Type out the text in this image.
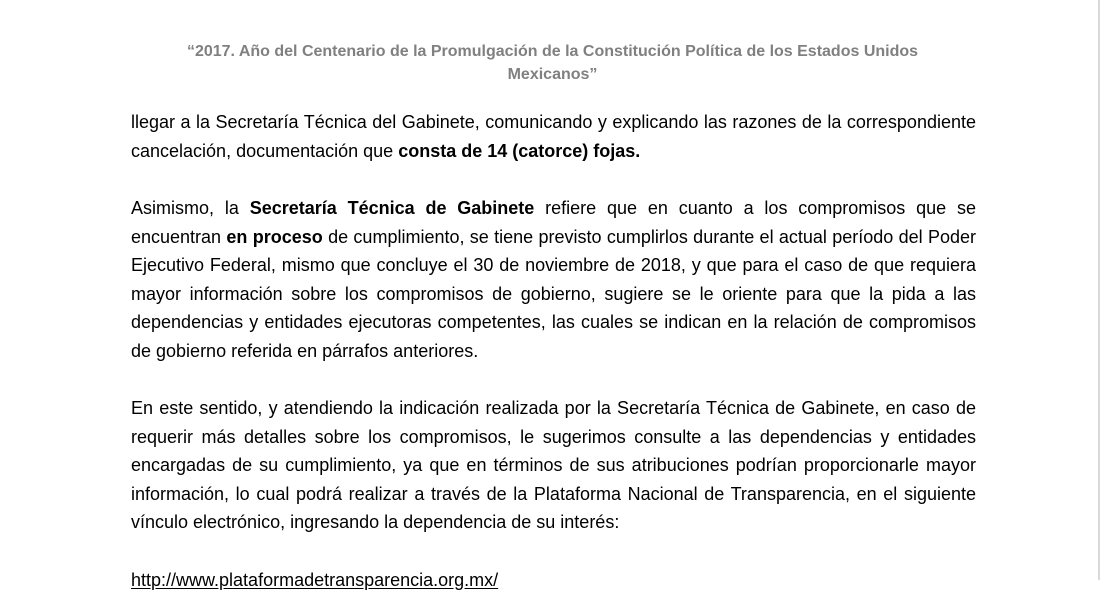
“2017. Año del Centenario de la Promulgación de la Constitución Política de los Estados Unidos
Mexicanos”

llegar a la Secretaría Técnica del Gabinete, comunicando y explicando las razones de la correspondiente cancelación, documentación que consta de 14 (catorce) fojas.

Asimismo, la Secretaría Técnica de Gabinete refiere que en cuanto a los compromisos que se encuentran en proceso de cumplimiento, se tiene previsto cumplirlos durante el actual período del Poder Ejecutivo Federal, mismo que concluye el 30 de noviembre de 2018, y que para el caso de que requiera mayor información sobre los compromisos de gobierno, sugiere se le oriente para que la pida a las dependencias y entidades ejecutoras competentes, las cuales se indican en la relación de compromisos de gobierno referida en párrafos anteriores.

En este sentido, y atendiendo la indicación realizada por la Secretaría Técnica de Gabinete, en caso de requerir más detalles sobre los compromisos, le sugerimos consulte a las dependencias y entidades encargadas de su cumplimiento, ya que en términos de sus atribuciones podrían proporcionarle mayor información, lo cual podrá realizar a través de la Plataforma Nacional de Transparencia, en el siguiente vínculo electrónico, ingresando la dependencia de su interés:

http://www.plataformadetransparencia.org.mx/
